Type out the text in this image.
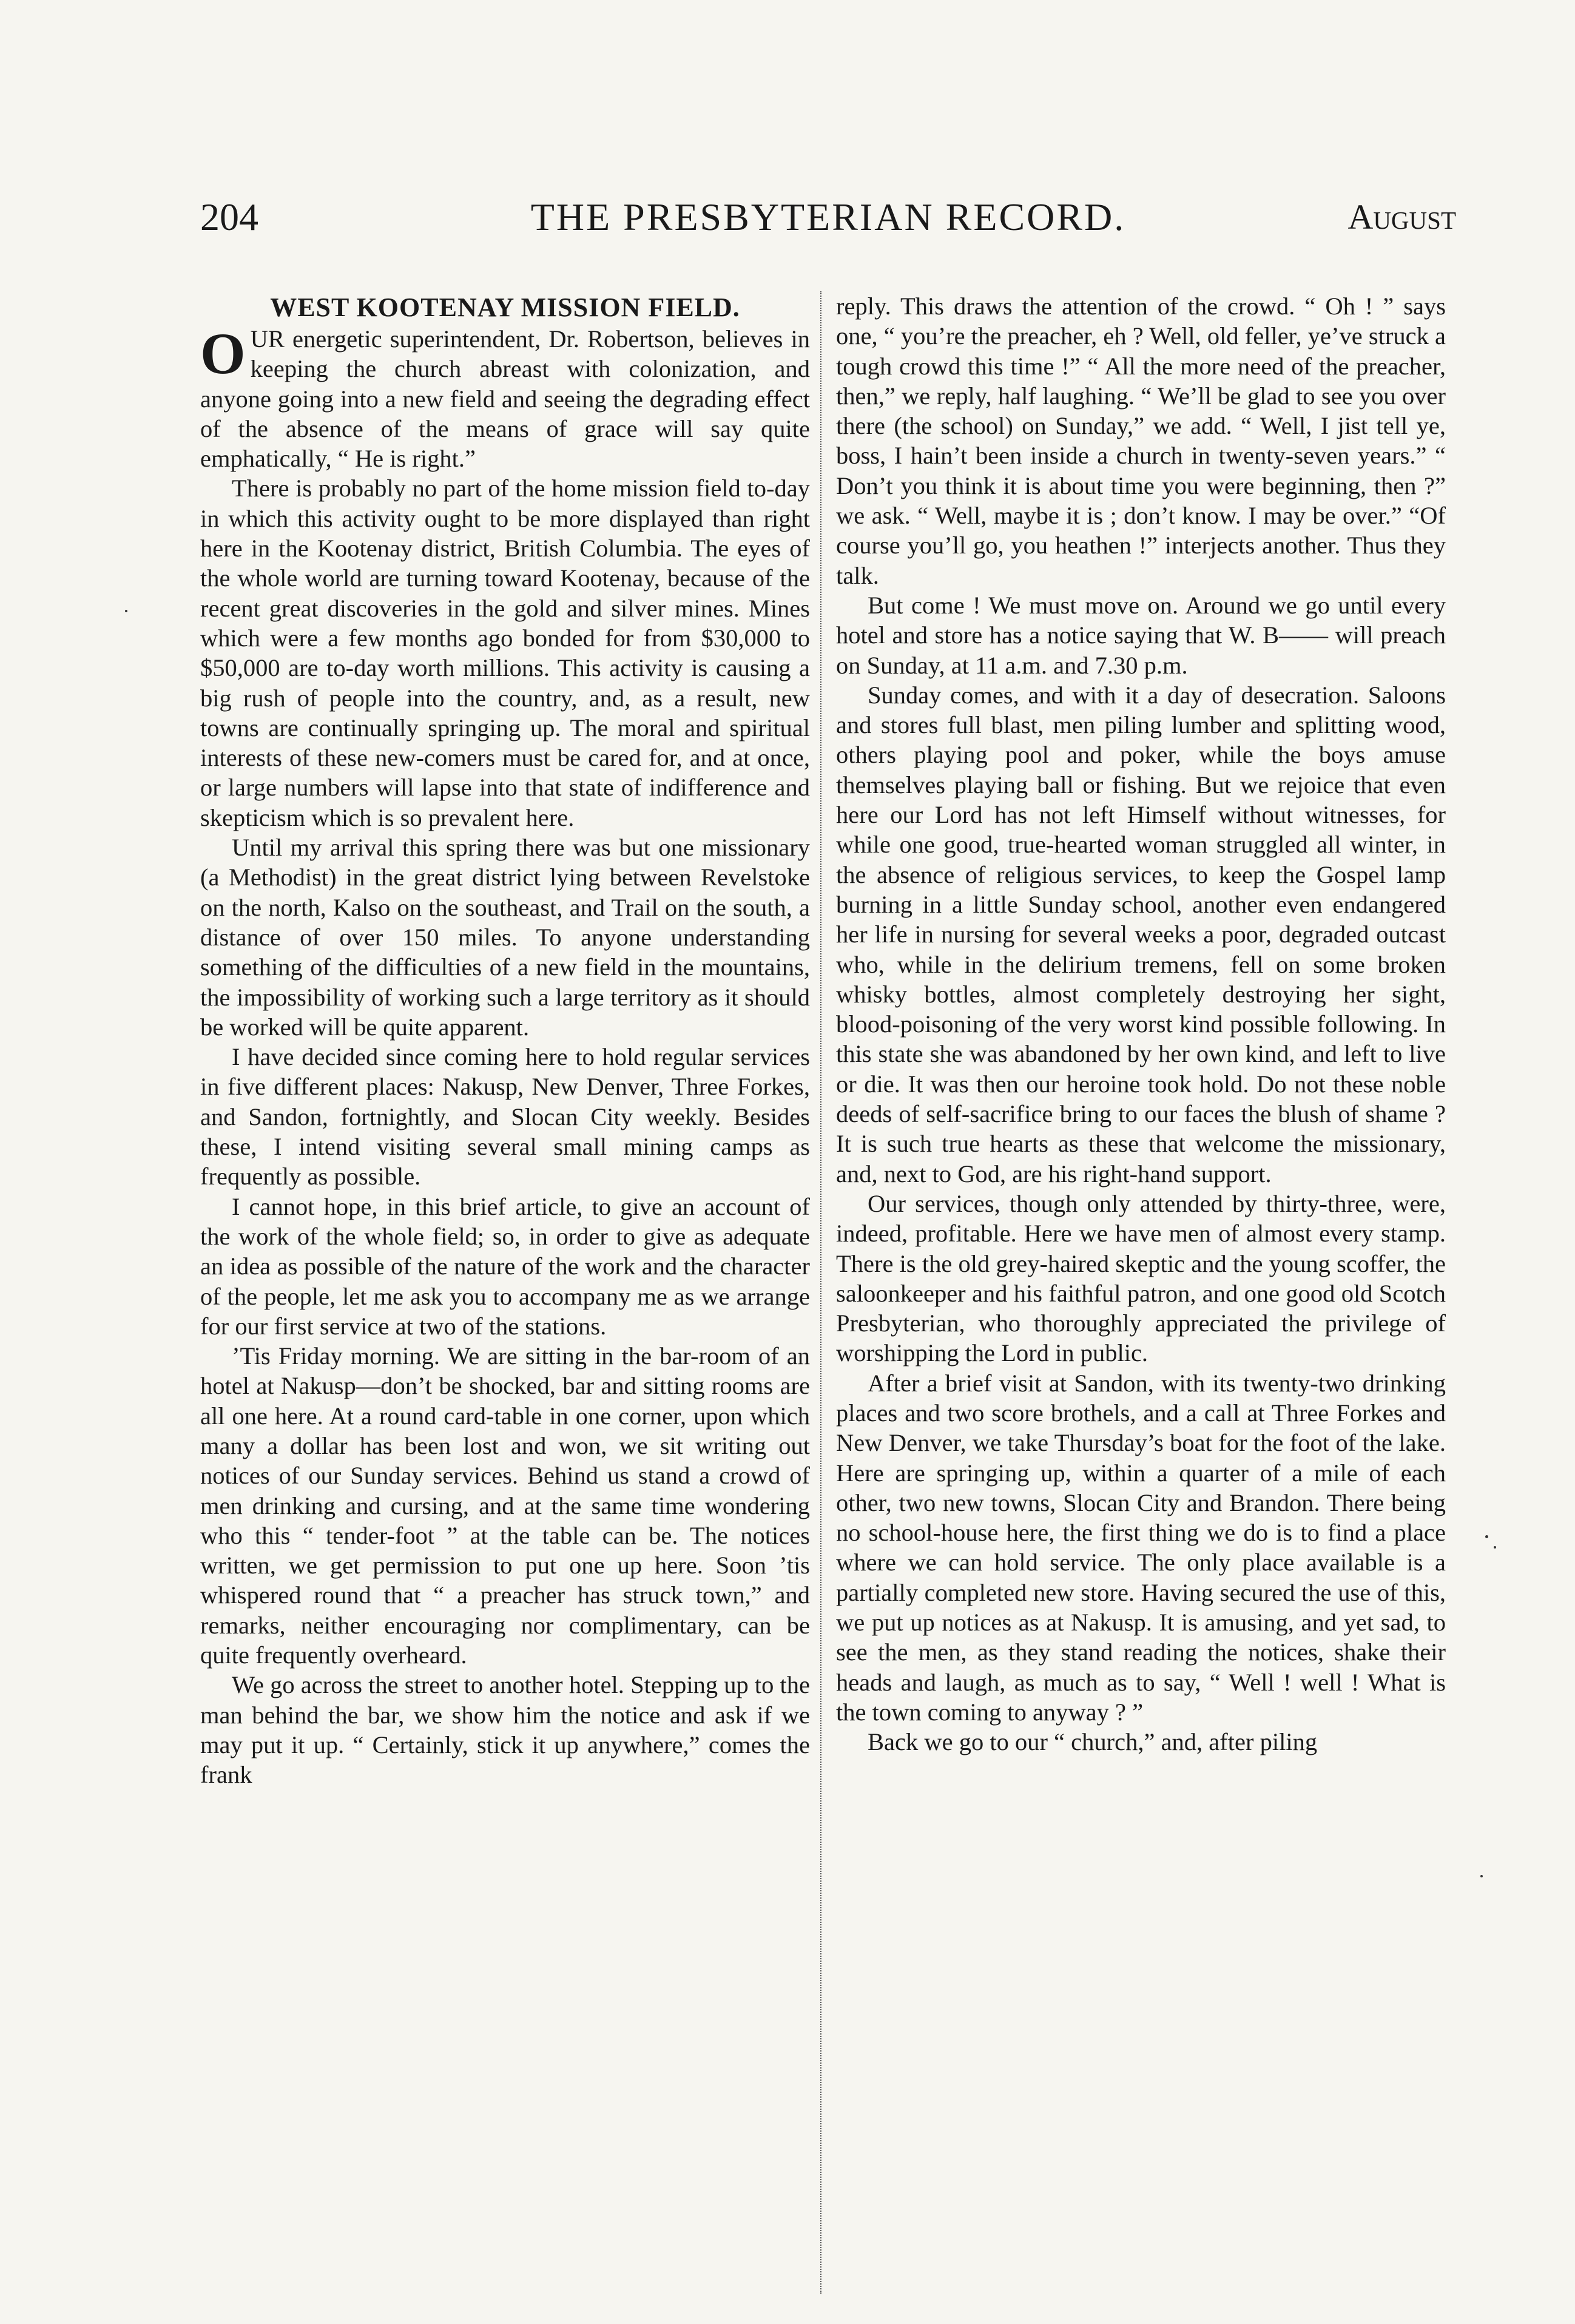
204	THE PRESBYTERIAN RECORD.	August
WEST KOOTENAY MISSION FIELD.

OUR energetic superintendent, Dr. Robertson, believes in keeping the church abreast with colonization, and anyone going into a new field and seeing the degrading effect of the absence of the means of grace will say quite emphatically, “ He is right.”

There is probably no part of the home mission field to-day in which this activity ought to be more displayed than right here in the Kootenay district, British Columbia. The eyes of the whole world are turning toward Kootenay, because of the recent great discoveries in the gold and silver mines. Mines which were a few months ago bonded for from $30,000 to $50,000 are to-day worth millions. This activity is causing a big rush of people into the country, and, as a result, new towns are continually springing up. The moral and spiritual interests of these new-comers must be cared for, and at once, or large numbers will lapse into that state of indifference and skepticism which is so prevalent here.

Until my arrival this spring there was but one missionary (a Methodist) in the great district lying between Revelstoke on the north, Kalso on the southeast, and Trail on the south, a distance of over 150 miles. To anyone understanding something of the difficulties of a new field in the mountains, the impossibility of working such a large territory as it should be worked will be quite apparent.

I have decided since coming here to hold regular services in five different places: Nakusp, New Denver, Three Forkes, and Sandon, fortnightly, and Slocan City weekly. Besides these, I intend visiting several small mining camps as frequently as possible.

I cannot hope, in this brief article, to give an account of the work of the whole field; so, in order to give as adequate an idea as possible of the nature of the work and the character of the people, let me ask you to accompany me as we arrange for our first service at two of the stations.

’Tis Friday morning. We are sitting in the bar-room of an hotel at Nakusp—don’t be shocked, bar and sitting rooms are all one here. At a round card-table in one corner, upon which many a dollar has been lost and won, we sit writing out notices of our Sunday services. Behind us stand a crowd of men drinking and cursing, and at the same time wondering who this “ tender-foot ” at the table can be. The notices written, we get permission to put one up here. Soon ’tis whispered round that “ a preacher has struck town,” and remarks, neither encouraging nor complimentary, can be quite frequently overheard.

We go across the street to another hotel. Stepping up to the man behind the bar, we show him the notice and ask if we may put it up. “ Certainly, stick it up anywhere,” comes the frank

reply. This draws the attention of the crowd. “ Oh ! ” says one, “ you’re the preacher, eh ? Well, old feller, ye’ve struck a tough crowd this time !” “ All the more need of the preacher, then,” we reply, half laughing. “ We’ll be glad to see you over there (the school) on Sunday,” we add. “ Well, I jist tell ye, boss, I hain’t been inside a church in twenty-seven years.” “ Don’t you think it is about time you were beginning, then ?” we ask. “ Well, maybe it is ; don’t know. I may be over.” “Of course you’ll go, you heathen !” interjects another. Thus they talk.

But come ! We must move on. Around we go until every hotel and store has a notice saying that W. B—— will preach on Sunday, at 11 a.m. and 7.30 p.m.

Sunday comes, and with it a day of desecration. Saloons and stores full blast, men piling lumber and splitting wood, others playing pool and poker, while the boys amuse themselves playing ball or fishing. But we rejoice that even here our Lord has not left Himself without witnesses, for while one good, true-hearted woman struggled all winter, in the absence of religious services, to keep the Gospel lamp burning in a little Sunday school, another even endangered her life in nursing for several weeks a poor, degraded outcast who, while in the delirium tremens, fell on some broken whisky bottles, almost completely destroying her sight, blood-poisoning of the very worst kind possible following. In this state she was abandoned by her own kind, and left to live or die. It was then our heroine took hold. Do not these noble deeds of self-sacrifice bring to our faces the blush of shame ? It is such true hearts as these that welcome the missionary, and, next to God, are his right-hand support.

Our services, though only attended by thirty-three, were, indeed, profitable. Here we have men of almost every stamp. There is the old grey-haired skeptic and the young scoffer, the saloonkeeper and his faithful patron, and one good old Scotch Presbyterian, who thoroughly appreciated the privilege of worshipping the Lord in public.

After a brief visit at Sandon, with its twenty-two drinking places and two score brothels, and a call at Three Forkes and New Denver, we take Thursday’s boat for the foot of the lake. Here are springing up, within a quarter of a mile of each other, two new towns, Slocan City and Brandon. There being no school-house here, the first thing we do is to find a place where we can hold service. The only place available is a partially completed new store. Having secured the use of this, we put up notices as at Nakusp. It is amusing, and yet sad, to see the men, as they stand reading the notices, shake their heads and laugh, as much as to say, “ Well ! well ! What is the town coming to anyway ? ”

Back we go to our “ church,” and, after piling
